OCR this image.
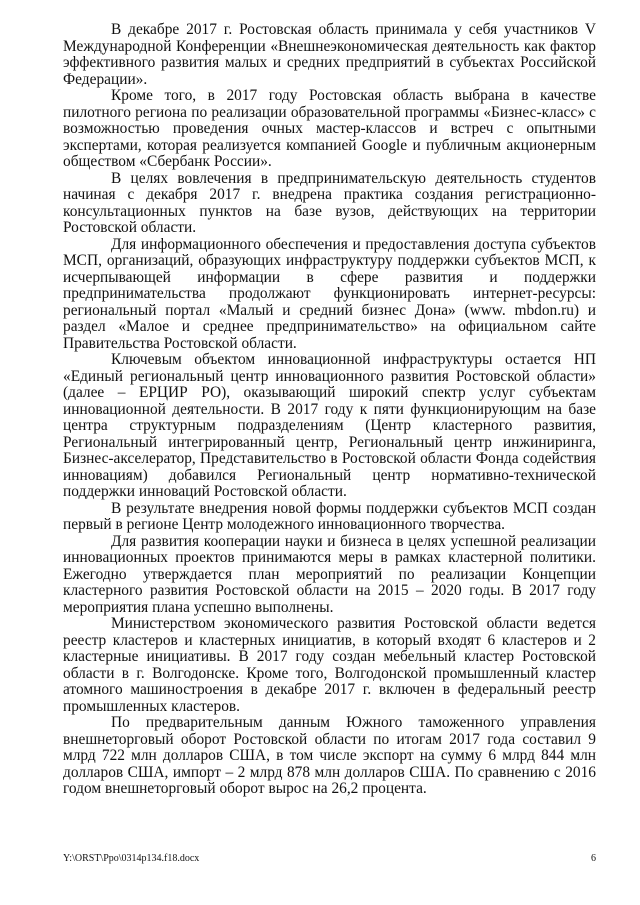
В декабре 2017 г. Ростовская область принимала у себя участников V Международной Конференции «Внешнеэкономическая деятельность как фактор эффективного развития малых и средних предприятий в субъектах Российской Федерации».

Кроме того, в 2017 году Ростовская область выбрана в качестве пилотного региона по реализации образовательной программы «Бизнес-класс» с возможностью проведения очных мастер-классов и встреч с опытными экспертами, которая реализуется компанией Google и публичным акционерным обществом «Сбербанк России».

В целях вовлечения в предпринимательскую деятельность студентов начиная с декабря 2017 г. внедрена практика создания регистрационно-консультационных пунктов на базе вузов, действующих на территории Ростовской области.

Для информационного обеспечения и предоставления доступа субъектов МСП, организаций, образующих инфраструктуру поддержки субъектов МСП, к исчерпывающей информации в сфере развития и поддержки предпринимательства продолжают функционировать интернет-ресурсы: региональный портал «Малый и средний бизнес Дона» (www. mbdon.ru) и раздел «Малое и среднее предпринимательство» на официальном сайте Правительства Ростовской области.

Ключевым объектом инновационной инфраструктуры остается НП «Единый региональный центр инновационного развития Ростовской области» (далее – ЕРЦИР РО), оказывающий широкий спектр услуг субъектам инновационной деятельности. В 2017 году к пяти функционирующим на базе центра структурным подразделениям (Центр кластерного развития, Региональный интегрированный центр, Региональный центр инжиниринга, Бизнес-акселератор, Представительство в Ростовской области Фонда содействия инновациям) добавился Региональный центр нормативно-технической поддержки инноваций Ростовской области.

В результате внедрения новой формы поддержки субъектов МСП создан первый в регионе Центр молодежного инновационного творчества.

Для развития кооперации науки и бизнеса в целях успешной реализации инновационных проектов принимаются меры в рамках кластерной политики. Ежегодно утверждается план мероприятий по реализации Концепции кластерного развития Ростовской области на 2015 – 2020 годы. В 2017 году мероприятия плана успешно выполнены.

Министерством экономического развития Ростовской области ведется реестр кластеров и кластерных инициатив, в который входят 6 кластеров и 2 кластерные инициативы. В 2017 году создан мебельный кластер Ростовской области в г. Волгодонске. Кроме того, Волгодонской промышленный кластер атомного машиностроения в декабре 2017 г. включен в федеральный реестр промышленных кластеров.

По предварительным данным Южного таможенного управления внешнеторговый оборот Ростовской области по итогам 2017 года составил 9 млрд 722 млн долларов США, в том числе экспорт на сумму 6 млрд 844 млн долларов США, импорт – 2 млрд 878 млн долларов США. По сравнению с 2016 годом внешнеторговый оборот вырос на 26,2 процента.

Y:\ORST\Ppo\0314p134.f18.docx	6
